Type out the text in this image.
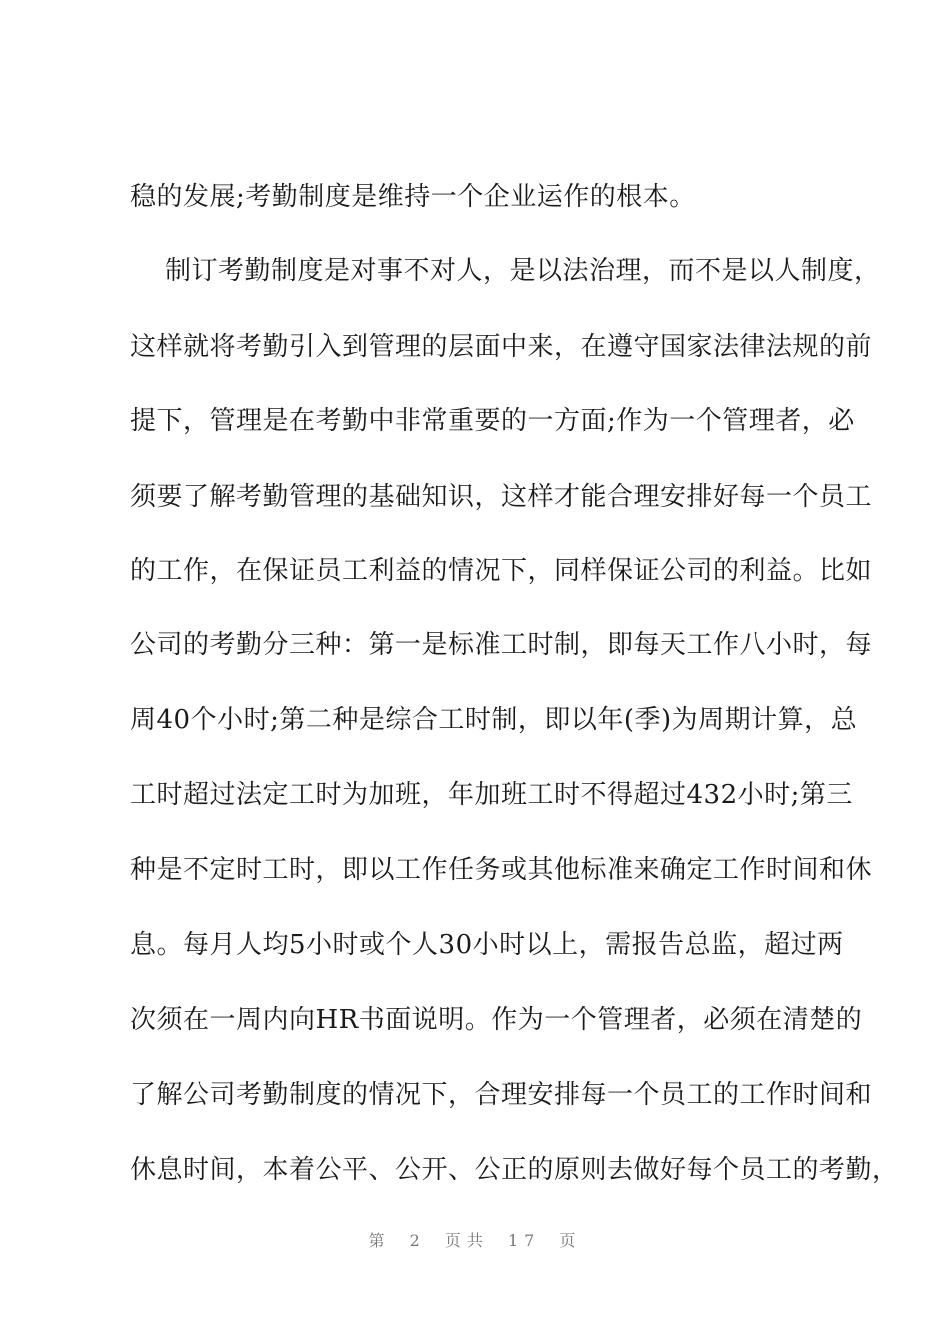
稳的发展;考勤制度是维持一个企业运作的根本。
制订考勤制度是对事不对人，是以法治理，而不是以人制度，
这样就将考勤引入到管理的层面中来，在遵守国家法律法规的前
提下，管理是在考勤中非常重要的一方面;作为一个管理者，必
须要了解考勤管理的基础知识，这样才能合理安排好每一个员工
的工作，在保证员工利益的情况下，同样保证公司的利益。比如
公司的考勤分三种：第一是标准工时制，即每天工作八小时，每
周40个小时;第二种是综合工时制，即以年(季)为周期计算，总
工时超过法定工时为加班，年加班工时不得超过432小时;第三
种是不定时工时，即以工作任务或其他标准来确定工作时间和休
息。每月人均5小时或个人30小时以上，需报告总监，超过两
次须在一周内向HR书面说明。作为一个管理者，必须在清楚的
了解公司考勤制度的情况下，合理安排每一个员工的工作时间和
休息时间，本着公平、公开、公正的原则去做好每个员工的考勤，
第 2 页共 17 页
